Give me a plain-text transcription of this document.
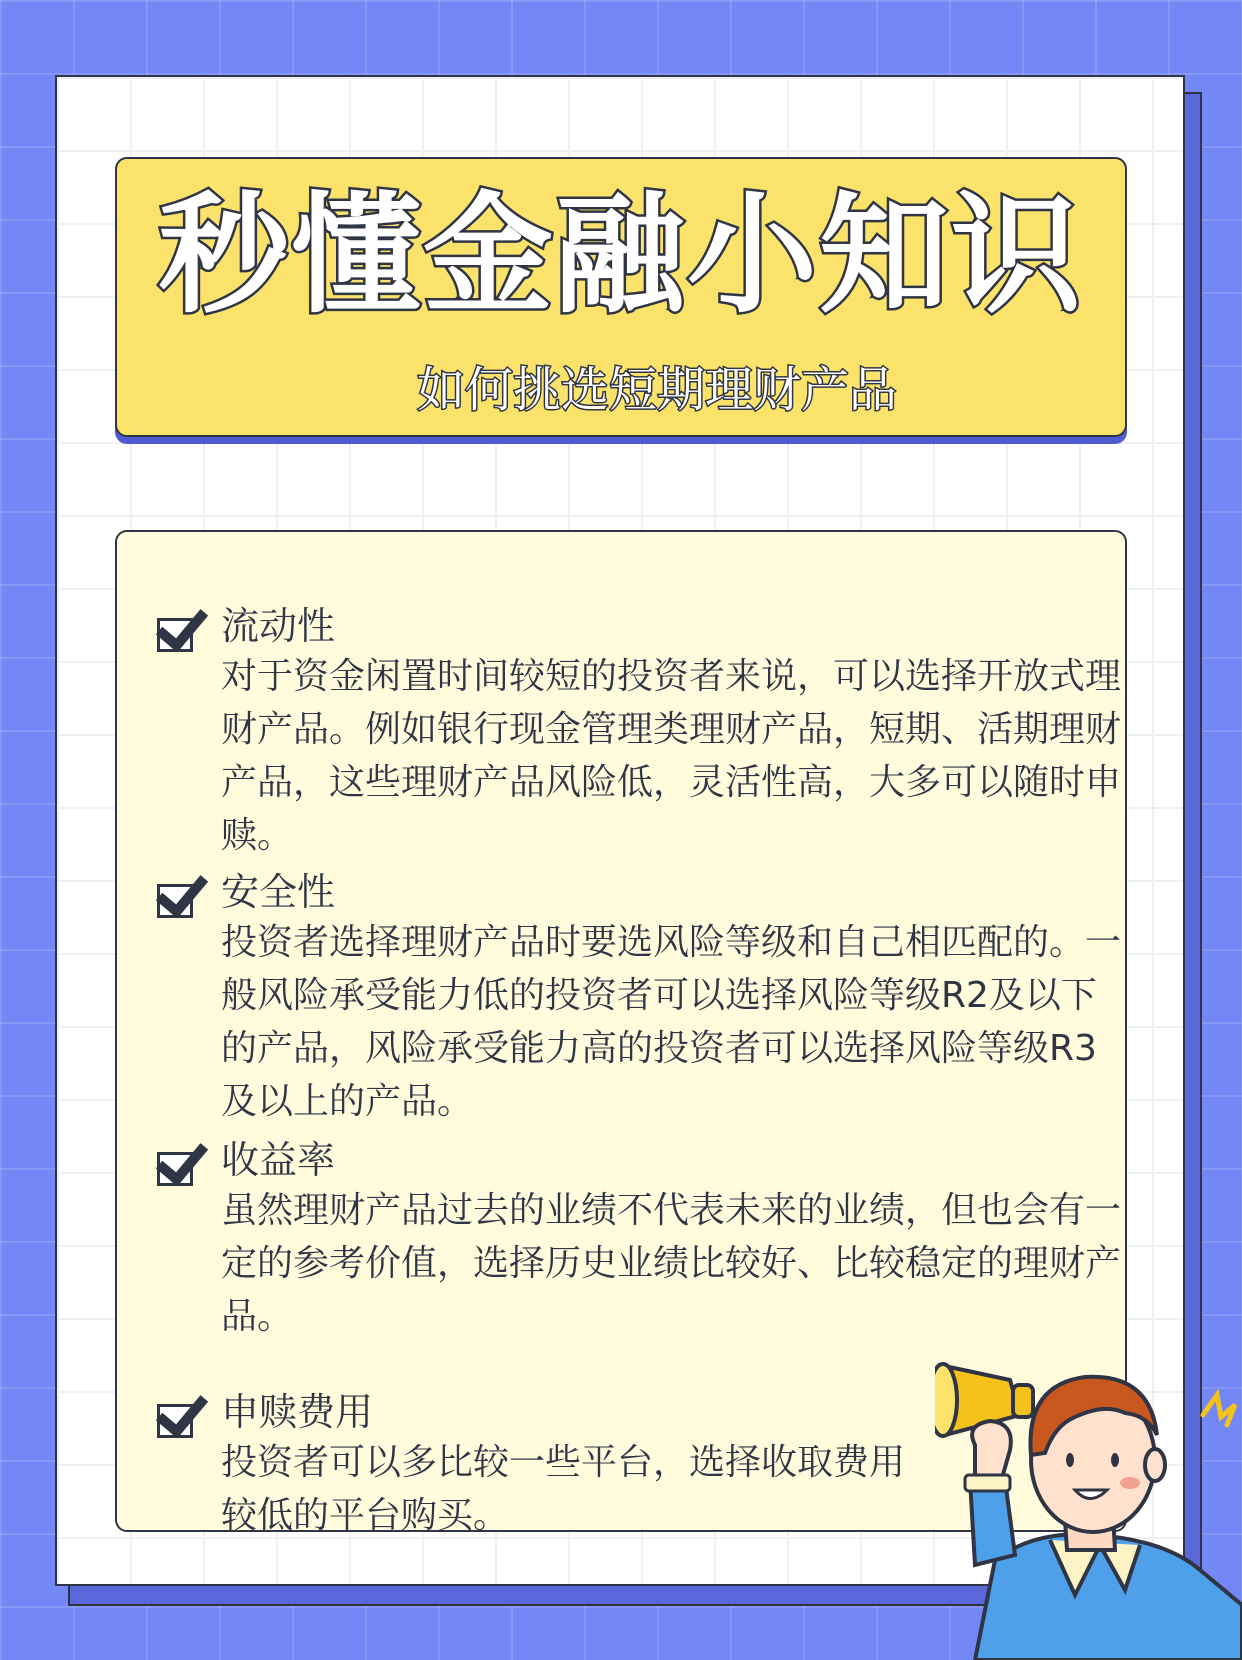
秒懂金融小知识
如何挑选短期理财产品
流动性
对于资金闲置时间较短的投资者来说，可以选择开放式理财产品。例如银行现金管理类理财产品，短期、活期理财产品，这些理财产品风险低，灵活性高，大多可以随时申赎。
安全性
投资者选择理财产品时要选风险等级和自己相匹配的。一般风险承受能力低的投资者可以选择风险等级R2及以下的产品，风险承受能力高的投资者可以选择风险等级R3及以上的产品。
收益率
虽然理财产品过去的业绩不代表未来的业绩，但也会有一定的参考价值，选择历史业绩比较好、比较稳定的理财产品。
申赎费用
投资者可以多比较一些平台，选择收取费用较低的平台购买。
